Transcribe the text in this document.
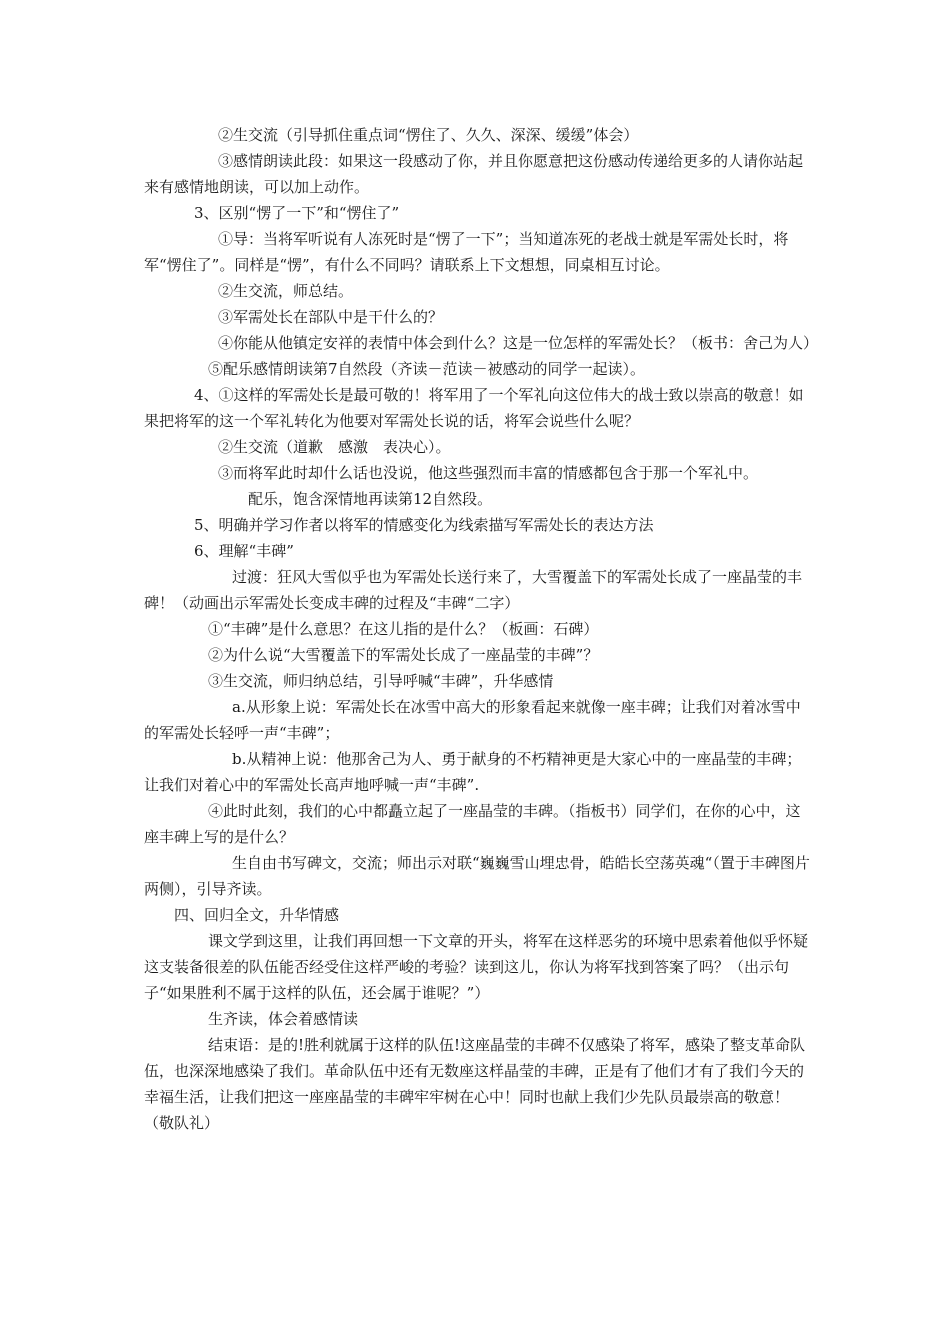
②生交流（引导抓住重点词“愣住了、久久、深深、缓缓”体会）

③感情朗读此段：如果这一段感动了你，并且你愿意把这份感动传递给更多的人请你站起来有感情地朗读，可以加上动作。

3、区别“愣了一下”和“愣住了”

①导：当将军听说有人冻死时是“愣了一下”；当知道冻死的老战士就是军需处长时，将军“愣住了”。同样是“愣”，有什么不同吗？请联系上下文想想，同桌相互讨论。

②生交流，师总结。

③军需处长在部队中是干什么的？

④你能从他镇定安祥的表情中体会到什么？这是一位怎样的军需处长？（板书：舍己为人）

⑤配乐感情朗读第7自然段（齐读－范读－被感动的同学一起读）。

4、①这样的军需处长是最可敬的！将军用了一个军礼向这位伟大的战士致以崇高的敬意！如果把将军的这一个军礼转化为他要对军需处长说的话，将军会说些什么呢？

②生交流（道歉　感激　表决心）。

③而将军此时却什么话也没说，他这些强烈而丰富的情感都包含于那一个军礼中。

配乐，饱含深情地再读第12自然段。

5、明确并学习作者以将军的情感变化为线索描写军需处长的表达方法

6、理解“丰碑”

过渡：狂风大雪似乎也为军需处长送行来了，大雪覆盖下的军需处长成了一座晶莹的丰碑！（动画出示军需处长变成丰碑的过程及“丰碑“二字）

①“丰碑”是什么意思？在这儿指的是什么？（板画：石碑）

②为什么说“大雪覆盖下的军需处长成了一座晶莹的丰碑”？

③生交流，师归纳总结，引导呼喊“丰碑”，升华感情

a.从形象上说：军需处长在冰雪中高大的形象看起来就像一座丰碑；让我们对着冰雪中的军需处长轻呼一声“丰碑”；

b.从精神上说：他那舍己为人、勇于献身的不朽精神更是大家心中的一座晶莹的丰碑；让我们对着心中的军需处长高声地呼喊一声“丰碑”.

④此时此刻，我们的心中都矗立起了一座晶莹的丰碑。（指板书）同学们，在你的心中，这座丰碑上写的是什么？

生自由书写碑文，交流；师出示对联“巍巍雪山埋忠骨，皓皓长空荡英魂“（置于丰碑图片两侧），引导齐读。

四、回归全文，升华情感

课文学到这里，让我们再回想一下文章的开头，将军在这样恶劣的环境中思索着他似乎怀疑这支装备很差的队伍能否经受住这样严峻的考验？读到这儿，你认为将军找到答案了吗？（出示句子“如果胜利不属于这样的队伍，还会属于谁呢？”）

生齐读，体会着感情读

结束语：是的!胜利就属于这样的队伍!这座晶莹的丰碑不仅感染了将军，感染了整支革命队伍，也深深地感染了我们。革命队伍中还有无数座这样晶莹的丰碑，正是有了他们才有了我们今天的幸福生活，让我们把这一座座晶莹的丰碑牢牢树在心中！同时也献上我们少先队员最崇高的敬意！（敬队礼）
